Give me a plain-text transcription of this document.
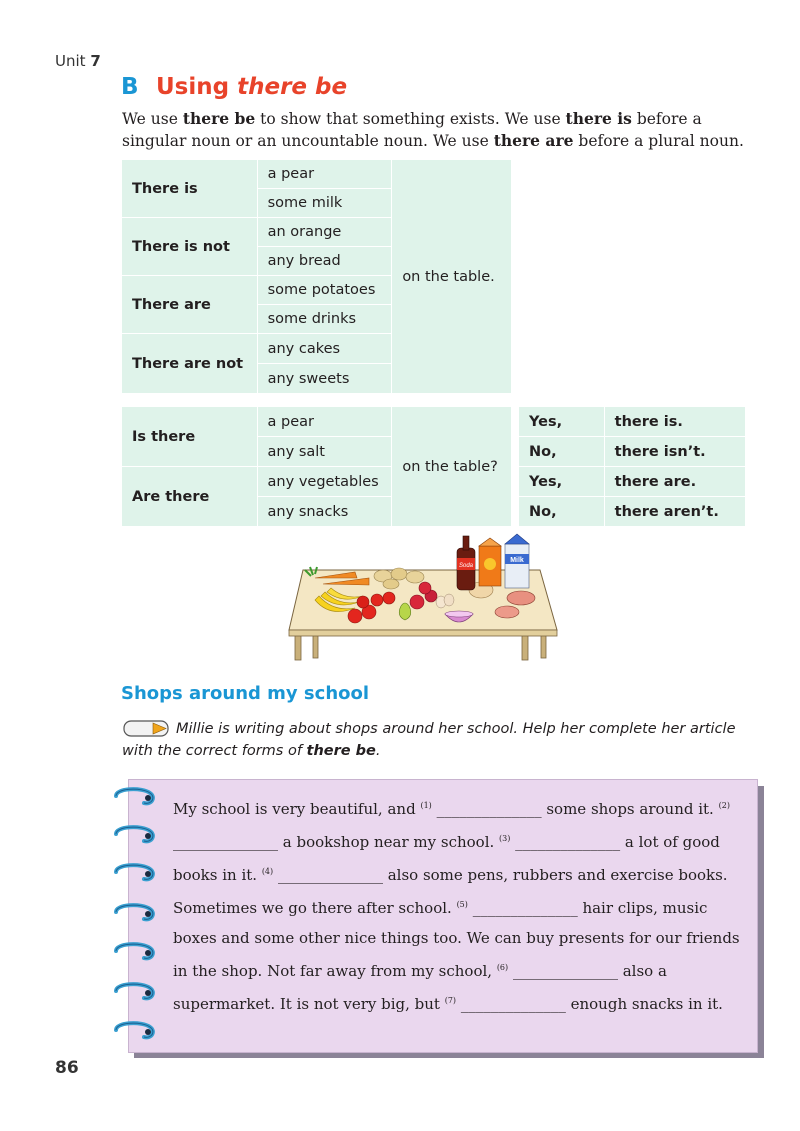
Unit 7
B Using there be
We use there be to show that something exists. We use there is before a singular noun or an uncountable noun. We use there are before a plural noun.
There is	a pear	on the table.
	some milk	
There is not	an orange	
	any bread	
There are	some potatoes	
	some drinks	
There are not	any cakes	
	any sweets	
Is there	a pear	on the table?
	any salt	
Are there	any vegetables	
	any snacks	
Yes,	there is.
No,	there isn’t.
Yes,	there are.
No,	there aren’t.
Soda
Milk
Shops around my school
Millie is writing about shops around her school. Help her complete her article with the correct forms of there be.
My school is very beautiful, and $^{(1)}$ ______________ some shops around it. $^{(2)}$ ______________ a bookshop near my school. $^{(3)}$ ______________ a lot of good books in it. $^{(4)}$ ______________ also some pens, rubbers and exercise books. Sometimes we go there after school. $^{(5)}$ ______________ hair clips, music boxes and some other nice things too. We can buy presents for our friends in the shop. Not far away from my school, $^{(6)}$ ______________ also a supermarket. It is not very big, but $^{(7)}$ ______________ enough snacks in it.
86
